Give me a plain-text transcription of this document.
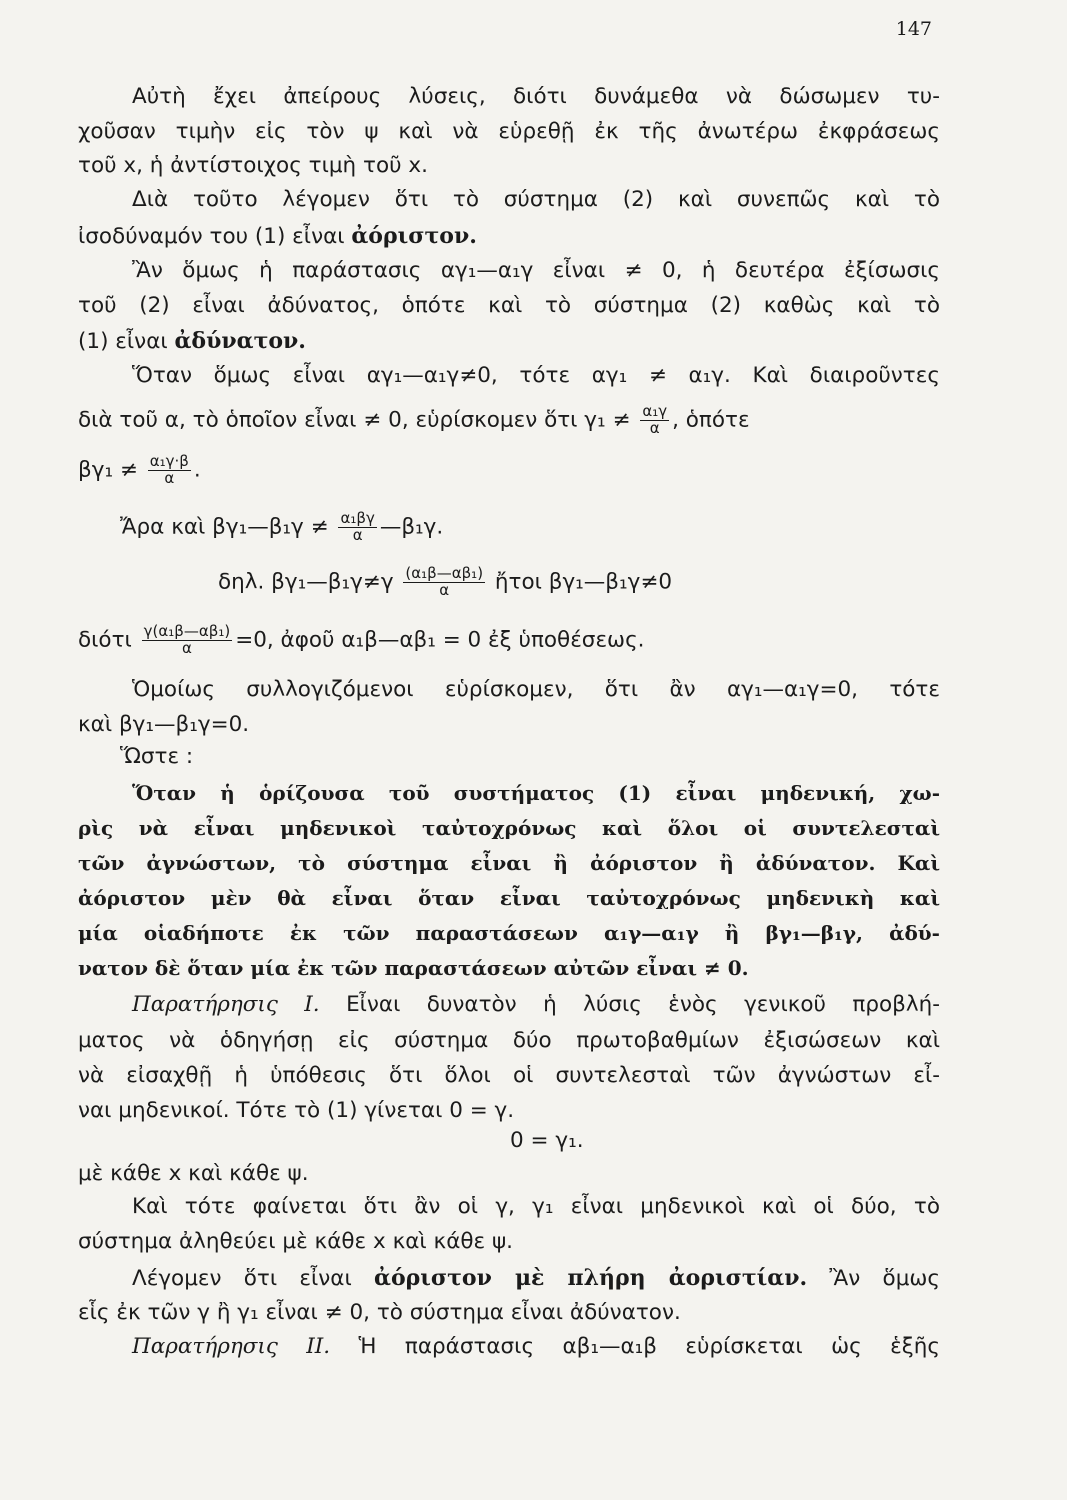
147
Αὐτὴ ἔχει ἀπείρους λύσεις, διότι δυνάμεθα νὰ δώσωμεν τυ-
χοῦσαν τιμὴν εἰς τὸν ψ καὶ νὰ εὑρεθῇ ἐκ τῆς ἀνωτέρω ἐκφράσεως
τοῦ x, ἡ ἀντίστοιχος τιμὴ τοῦ x.
Διὰ τοῦτο λέγομεν ὅτι τὸ σύστημα (2) καὶ συνεπῶς καὶ τὸ
ἰσοδύναμόν του (1) εἶναι ἀόριστον.
Ἂν ὅμως ἡ παράστασις αγ₁—α₁γ εἶναι ≠ 0, ἡ δευτέρα ἐξίσωσις
τοῦ (2) εἶναι ἀδύνατος, ὁπότε καὶ τὸ σύστημα (2) καθὼς καὶ τὸ
(1) εἶναι ἀδύνατον.
Ὅταν ὅμως εἶναι αγ₁—α₁γ≠0, τότε αγ₁ ≠ α₁γ. Καὶ διαιροῦντες
διὰ τοῦ α, τὸ ὁποῖον εἶναι ≠ 0, εὑρίσκομεν ὅτι $\gamma_1 \ne \frac{\text{α₁γ}}{\alpha}$ , ὁπότε
$\beta\gamma_1 \ne \frac{\text{α₁γ·β}}{\alpha}$ .
Ἄρα καὶ βγ₁—β₁γ ≠ $\frac{\text{α₁βγ}}{\alpha}$ —β₁γ.
δηλ. βγ₁—β₁γ≠γ $\frac{\text{(α₁β—αβ₁)}}{\alpha}$ ἤτοι βγ₁—β₁γ≠0
διότι $\frac{\text{γ(α₁β—αβ₁)}}{\alpha} =0$, ἀφοῦ α₁β—αβ₁ = 0 ἐξ ὑποθέσεως.
Ὁμοίως συλλογιζόμενοι εὑρίσκομεν, ὅτι ἂν αγ₁—α₁γ=0, τότε
καὶ βγ₁—β₁γ=0.
Ὥστε :
Ὅταν ἡ ὁρίζουσα τοῦ συστήματος (1) εἶναι μηδενική, χω-
ρὶς νὰ εἶναι μηδενικοὶ ταὐτοχρόνως καὶ ὅλοι οἱ συντελεσταὶ
τῶν ἀγνώστων, τὸ σύστημα εἶναι ἢ ἀόριστον ἢ ἀδύνατον. Καὶ
ἀόριστον μὲν θὰ εἶναι ὅταν εἶναι ταὐτοχρόνως μηδενικὴ καὶ
μία οἱαδήποτε ἐκ τῶν παραστάσεων α₁γ—α₁γ ἢ βγ₁—β₁γ, ἀδύ-
νατον δὲ ὅταν μία ἐκ τῶν παραστάσεων αὐτῶν εἶναι ≠ 0.
Παρατήρησις I. Εἶναι δυνατὸν ἡ λύσις ἑνὸς γενικοῦ προβλή-
ματος νὰ ὁδηγήσῃ εἰς σύστημα δύο πρωτοβαθμίων ἐξισώσεων καὶ
νὰ εἰσαχθῇ ἡ ὑπόθεσις ὅτι ὅλοι οἱ συντελεσταὶ τῶν ἀγνώστων εἶ-
ναι μηδενικοί. Τότε τὸ (1) γίνεται 0 = γ.
0 = γ₁.
μὲ κάθε x καὶ κάθε ψ.
Καὶ τότε φαίνεται ὅτι ἂν οἱ γ, γ₁ εἶναι μηδενικοὶ καὶ οἱ δύο, τὸ
σύστημα ἀληθεύει μὲ κάθε x καὶ κάθε ψ.
Λέγομεν ὅτι εἶναι ἀόριστον μὲ πλήρη ἀοριστίαν. Ἂν ὅμως
εἷς ἐκ τῶν γ ἢ γ₁ εἶναι ≠ 0, τὸ σύστημα εἶναι ἀδύνατον.
Παρατήρησις II. Ἡ παράστασις αβ₁—α₁β εὑρίσκεται ὡς ἑξῆς
